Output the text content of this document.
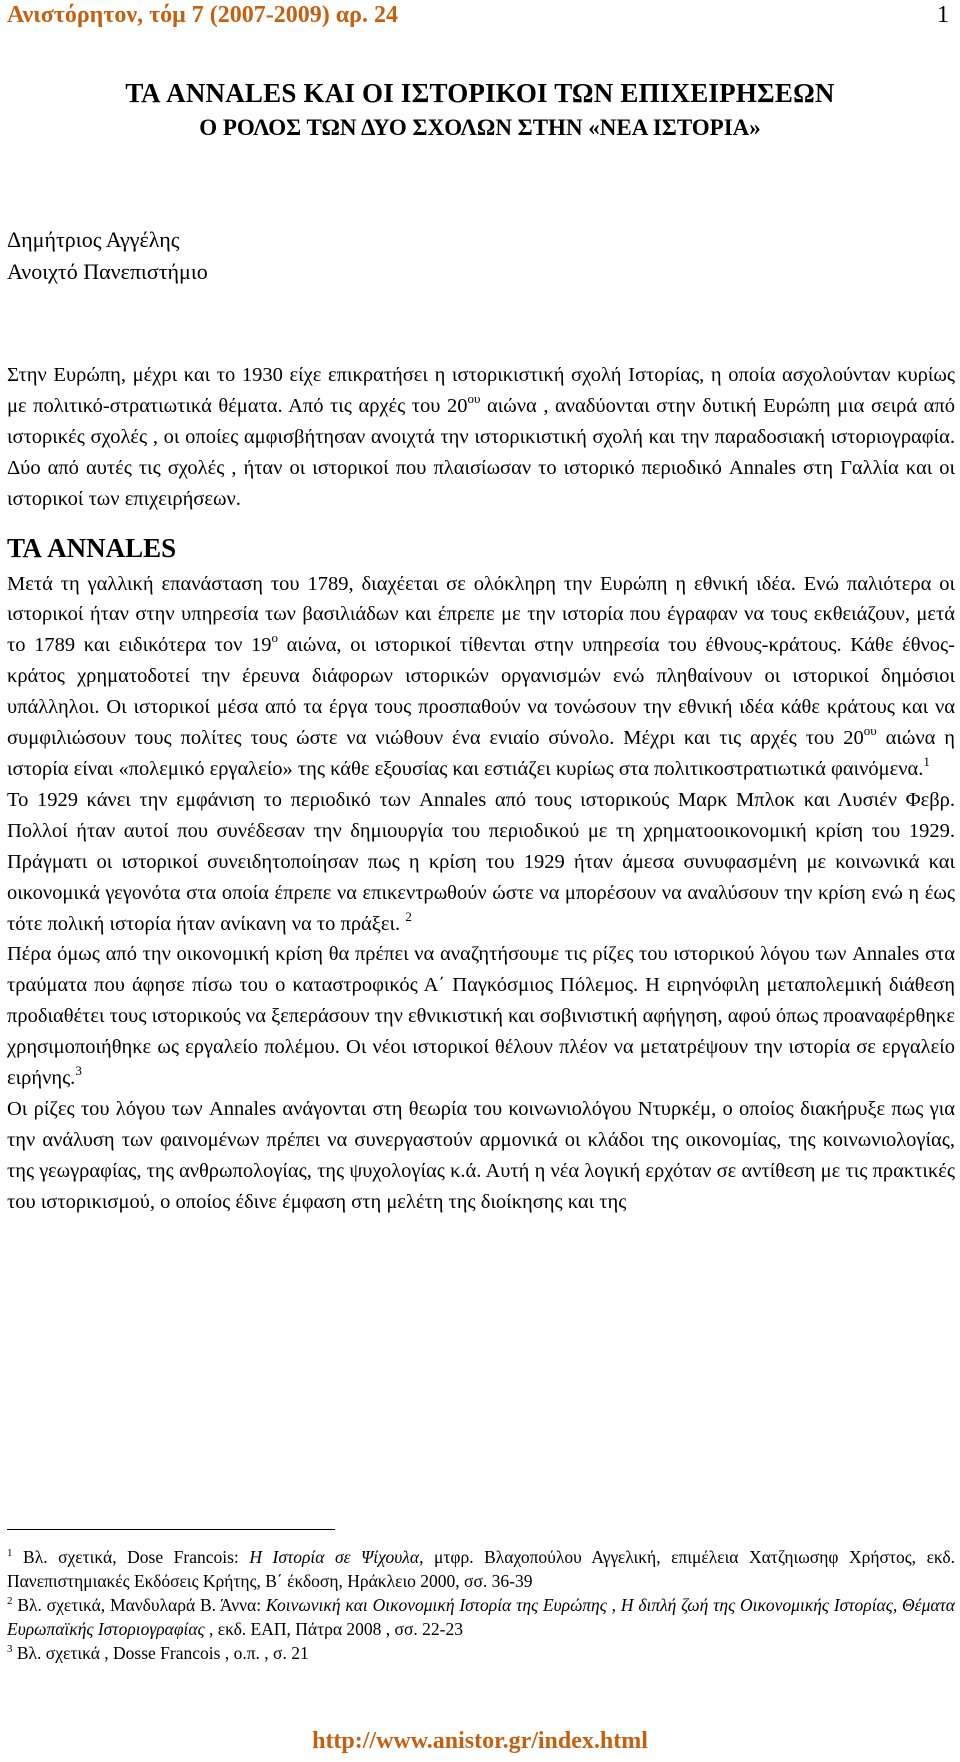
Ανιστόρητον, τόμ 7 (2007-2009) αρ. 24	1
ΤΑ ANNALES ΚΑΙ ΟΙ ΙΣΤΟΡΙΚΟΙ ΤΩΝ ΕΠΙΧΕΙΡΗΣΕΩΝ
Ο ΡΟΛΟΣ ΤΩΝ ΔΥΟ ΣΧΟΛΩΝ ΣΤΗΝ «ΝΕΑ ΙΣΤΟΡΙΑ»
Δημήτριος Αγγέλης
Ανοιχτό Πανεπιστήμιο

Στην Ευρώπη, μέχρι και το 1930 είχε επικρατήσει η ιστορικιστική σχολή Ιστορίας, η οποία ασχολούνταν κυρίως με πολιτικό-στρατιωτικά θέματα. Από τις αρχές του $20^{o\upsilon}$ αιώνα , αναδύονται στην δυτική Ευρώπη μια σειρά από ιστορικές σχολές , οι οποίες αμφισβήτησαν ανοιχτά την ιστορικιστική σχολή και την παραδοσιακή ιστοριογραφία. Δύο από αυτές τις σχολές , ήταν οι ιστορικοί που πλαισίωσαν το ιστορικό περιοδικό Annales στη Γαλλία και οι ιστορικοί των επιχειρήσεων.

ΤΑ ANNALES

Μετά τη γαλλική επανάσταση του 1789, διαχέεται σε ολόκληρη την Ευρώπη η εθνική ιδέα. Ενώ παλιότερα οι ιστορικοί ήταν στην υπηρεσία των βασιλιάδων και έπρεπε με την ιστορία που έγραφαν να τους εκθειάζουν, μετά το 1789 και ειδικότερα τον $19^o$ αιώνα, οι ιστορικοί τίθενται στην υπηρεσία του έθνους-κράτους. Κάθε έθνος-κράτος χρηματοδοτεί την έρευνα διάφορων ιστορικών οργανισμών ενώ πληθαίνουν οι ιστορικοί δημόσιοι υπάλληλοι. Οι ιστορικοί μέσα από τα έργα τους προσπαθούν να τονώσουν την εθνική ιδέα κάθε κράτους και να συμφιλιώσουν τους πολίτες τους ώστε να νιώθουν ένα ενιαίο σύνολο. Μέχρι και τις αρχές του $20^{o\upsilon}$ αιώνα η ιστορία είναι «πολεμικό εργαλείο» της κάθε εξουσίας και εστιάζει κυρίως στα πολιτικοστρατιωτικά φαινόμενα.$^1$

Το 1929 κάνει την εμφάνιση το περιοδικό των Annales από τους ιστορικούς Μαρκ Μπλοκ και Λυσιέν Φεβρ. Πολλοί ήταν αυτοί που συνέδεσαν την δημιουργία του περιοδικού με τη χρηματοοικονομική κρίση του 1929. Πράγματι οι ιστορικοί συνειδητοποίησαν πως η κρίση του 1929 ήταν άμεσα συνυφασμένη με κοινωνικά και οικονομικά γεγονότα στα οποία έπρεπε να επικεντρωθούν ώστε να μπορέσουν να αναλύσουν την κρίση ενώ η έως τότε πολική ιστορία ήταν ανίκανη να το πράξει. $^2$

Πέρα όμως από την οικονομική κρίση θα πρέπει να αναζητήσουμε τις ρίζες του ιστορικού λόγου των Annales στα τραύματα που άφησε πίσω του ο καταστροφικός Α΄ Παγκόσμιος Πόλεμος. Η ειρηνόφιλη μεταπολεμική διάθεση προδιαθέτει τους ιστορικούς να ξεπεράσουν την εθνικιστική και σοβινιστική αφήγηση, αφού όπως προαναφέρθηκε χρησιμοποιήθηκε ως εργαλείο πολέμου. Οι νέοι ιστορικοί θέλουν πλέον να μετατρέψουν την ιστορία σε εργαλείο ειρήνης.$^3$

Οι ρίζες του λόγου των Annales ανάγονται στη θεωρία του κοινωνιολόγου Ντυρκέμ, ο οποίος διακήρυξε πως για την ανάλυση των φαινομένων πρέπει να συνεργαστούν αρμονικά οι κλάδοι της οικονομίας, της κοινωνιολογίας, της γεωγραφίας, της ανθρωπολογίας, της ψυχολογίας κ.ά. Αυτή η νέα λογική ερχόταν σε αντίθεση με τις πρακτικές του ιστορικισμού, ο οποίος έδινε έμφαση στη μελέτη της διοίκησης και της

$^1$ Βλ. σχετικά, Dose Francois: Η Ιστορία σε Ψίχουλα, μτφρ. Βλαχοπούλου Αγγελική, επιμέλεια Χατζηιωσηφ Χρήστος, εκδ. Πανεπιστημιακές Εκδόσεις Κρήτης, Β΄ έκδοση, Ηράκλειο 2000, σσ. 36-39

$^2$ Βλ. σχετικά, Μανδυλαρά Β. Άννα: Κοινωνική και Οικονομική Ιστορία της Ευρώπης , Η διπλή ζωή της Οικονομικής Ιστορίας, Θέματα Ευρωπαϊκής Ιστοριογραφίας , εκδ. ΕΑΠ, Πάτρα 2008 , σσ. 22-23

$^3$ Βλ. σχετικά , Dosse Francois , ο.π. , σ. 21

http://www.anistor.gr/index.html
